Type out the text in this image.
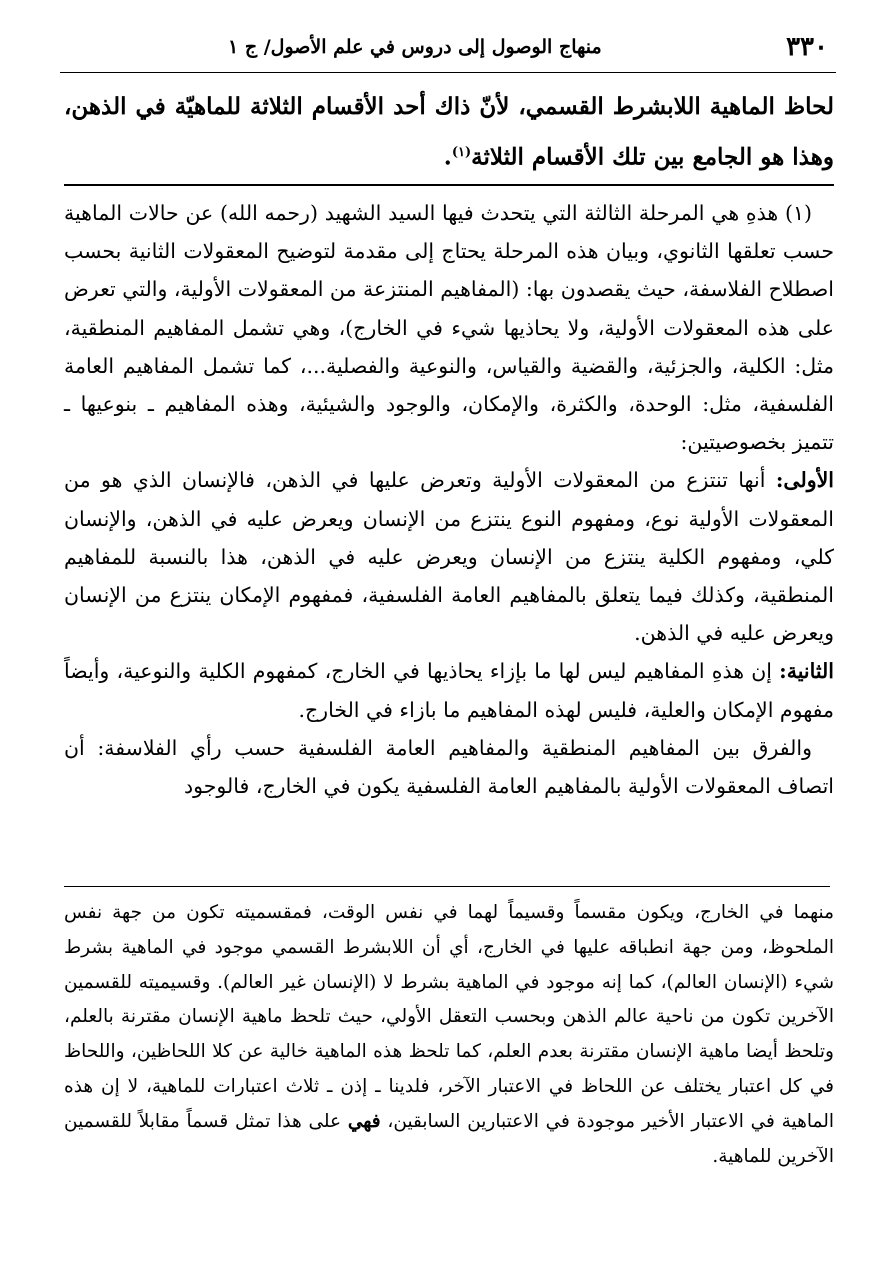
٣٣٠
منهاج الوصول إلى دروس في علم الأصول/ ج ١
لحاظ الماهية اللابشرط القسمي، لأنّ ذاك أحد الأقسام الثلاثة للماهيّة في الذهن، وهذا هو الجامع بين تلك الأقسام الثلاثة$^{(١)}$.

(١) هذهِ هي المرحلة الثالثة التي يتحدث فيها السيد الشهيد (رحمه الله) عن حالات الماهية حسب تعلقها الثانوي، وبيان هذه المرحلة يحتاج إلى مقدمة لتوضيح المعقولات الثانية بحسب اصطلاح الفلاسفة، حيث يقصدون بها: (المفاهيم المنتزعة من المعقولات الأولية، والتي تعرض على هذه المعقولات الأولية، ولا يحاذيها شيء في الخارج)، وهي تشمل المفاهيم المنطقية، مثل: الكلية، والجزئية، والقضية والقياس، والنوعية والفصلية...، كما تشمل المفاهيم العامة الفلسفية، مثل: الوحدة، والكثرة، والإمكان، والوجود والشيئية، وهذه المفاهيم ـ بنوعيها ـ تتميز بخصوصيتين:

الأولى: أنها تنتزع من المعقولات الأولية وتعرض عليها في الذهن، فالإنسان الذي هو من المعقولات الأولية نوع، ومفهوم النوع ينتزع من الإنسان ويعرض عليه في الذهن، والإنسان كلي، ومفهوم الكلية ينتزع من الإنسان ويعرض عليه في الذهن، هذا بالنسبة للمفاهيم المنطقية، وكذلك فيما يتعلق بالمفاهيم العامة الفلسفية، فمفهوم الإمكان ينتزع من الإنسان ويعرض عليه في الذهن.

الثانية: إن هذهِ المفاهيم ليس لها ما بإزاء يحاذيها في الخارج، كمفهوم الكلية والنوعية، وأيضاً مفهوم الإمكان والعلية، فليس لهذه المفاهيم ما بازاء في الخارج.

والفرق بين المفاهيم المنطقية والمفاهيم العامة الفلسفية حسب رأي الفلاسفة: أن اتصاف المعقولات الأولية بالمفاهيم العامة الفلسفية يكون في الخارج، فالوجود

منهما في الخارج، ويكون مقسماً وقسيماً لهما في نفس الوقت، فمقسميته تكون من جهة نفس الملحوظ، ومن جهة انطباقه عليها في الخارج، أي أن اللابشرط القسمي موجود في الماهية بشرط شيء (الإنسان العالم)، كما إنه موجود في الماهية بشرط لا (الإنسان غير العالم). وقسيميته للقسمين الآخرين تكون من ناحية عالم الذهن وبحسب التعقل الأولي، حيث تلحظ ماهية الإنسان مقترنة بالعلم، وتلحظ أيضا ماهية الإنسان مقترنة بعدم العلم، كما تلحظ هذه الماهية خالية عن كلا اللحاظين، واللحاظ في كل اعتبار يختلف عن اللحاظ في الاعتبار الآخر، فلدينا ـ إذن ـ ثلاث اعتبارات للماهية، لا إن هذه الماهية في الاعتبار الأخير موجودة في الاعتبارين السابقين، فهي على هذا تمثل قسماً مقابلاً للقسمين الآخرين للماهية.
